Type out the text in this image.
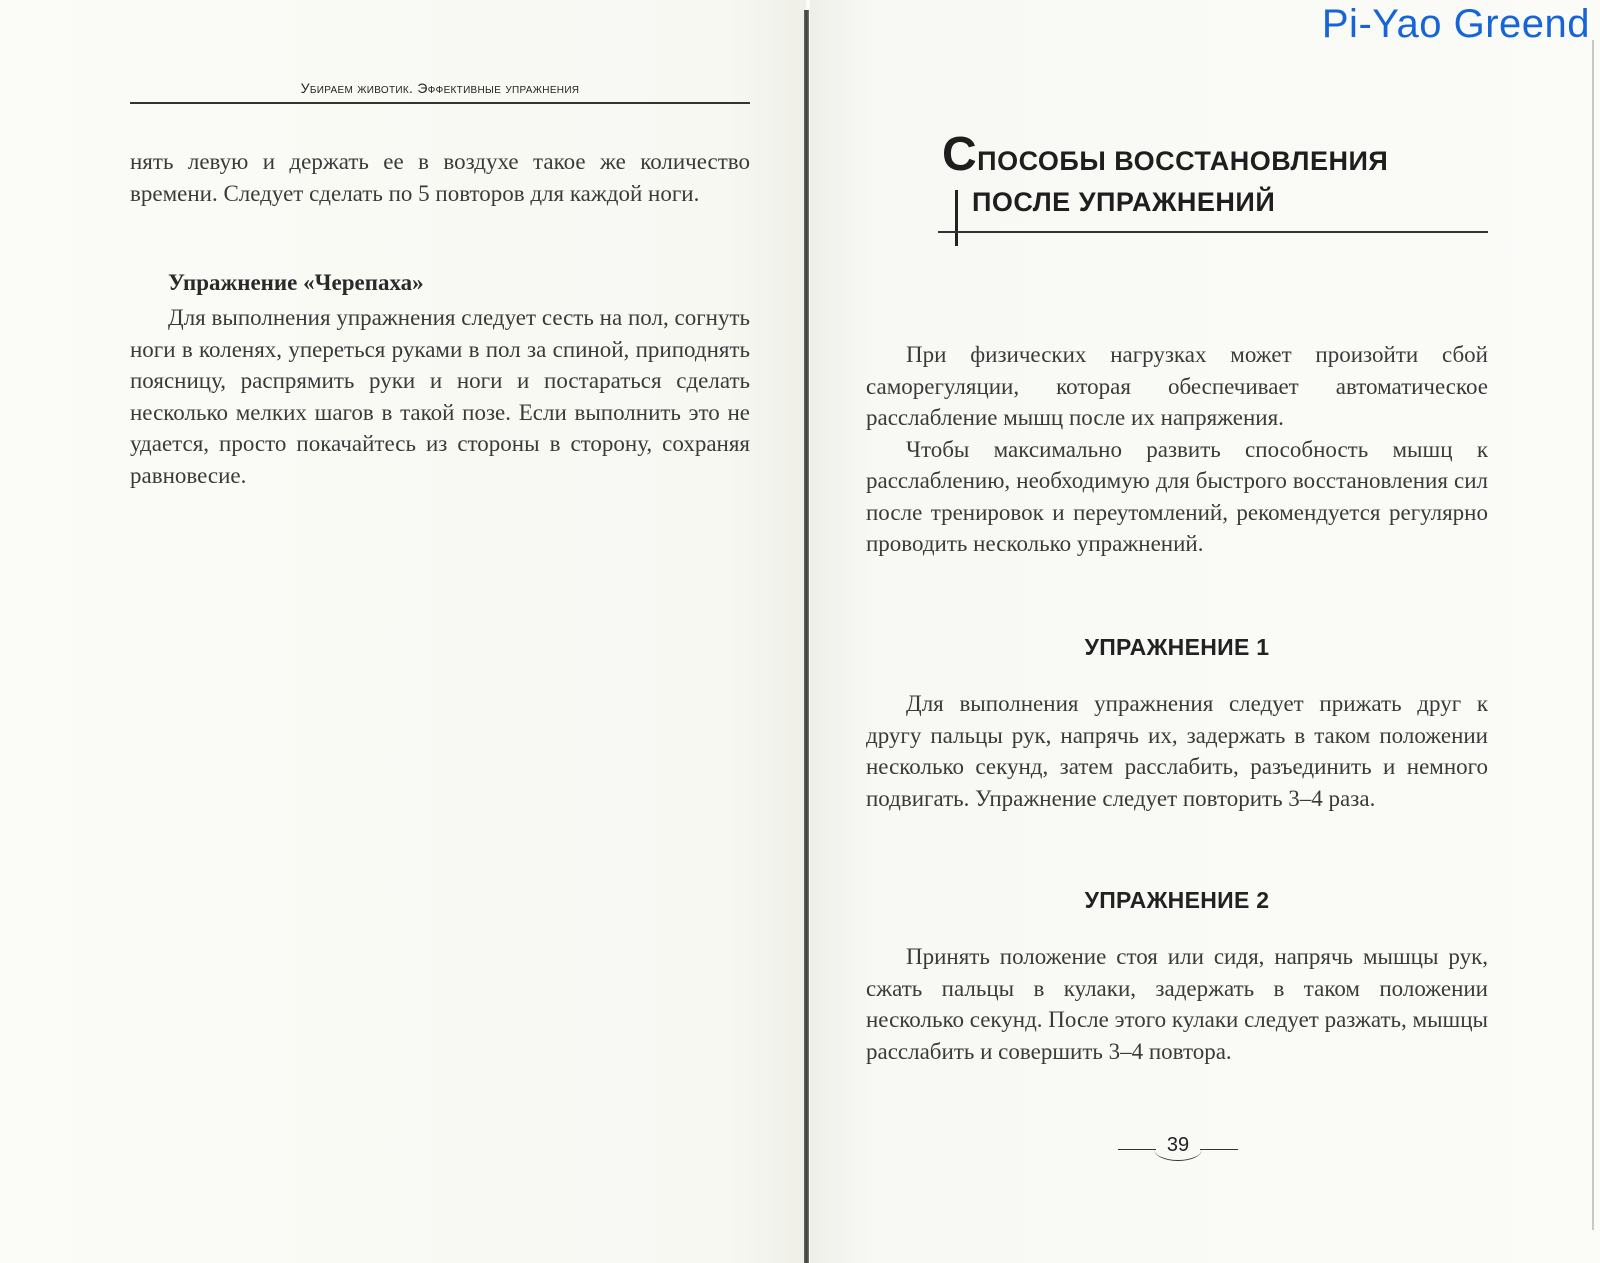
Убираем животик. Эффективные упражнения

нять левую и держать ее в воздухе такое же количество времени. Следует сделать по 5 повторов для каждой ноги.

Упражнение «Черепаха»

Для выполнения упражнения следует сесть на пол, согнуть ноги в коленях, упереться руками в пол за спиной, приподнять поясницу, распрямить руки и ноги и постараться сделать несколько мелких шагов в такой позе. Если выполнить это не удается, просто покачайтесь из стороны в сторону, сохраняя равновесие.

Pi-Yao Greend
СПОСОБЫ ВОССТАНОВЛЕНИЯ
ПОСЛЕ УПРАЖНЕНИЙ
При физических нагрузках может произойти сбой саморегуляции, которая обеспечивает автоматическое расслабление мышц после их напряжения.
Чтобы максимально развить способность мышц к расслаблению, необходимую для быстрого восстановления сил после тренировок и переутомлений, рекомендуется регулярно проводить несколько упражнений.
УПРАЖНЕНИЕ 1

Для выполнения упражнения следует прижать друг к другу пальцы рук, напрячь их, задержать в таком положении несколько секунд, затем расслабить, разъединить и немного подвигать. Упражнение следует повторить 3–4 раза.

УПРАЖНЕНИЕ 2

Принять положение стоя или сидя, напрячь мышцы рук, сжать пальцы в кулаки, задержать в таком положении несколько секунд. После этого кулаки следует разжать, мышцы расслабить и совершить 3–4 повтора.

39
